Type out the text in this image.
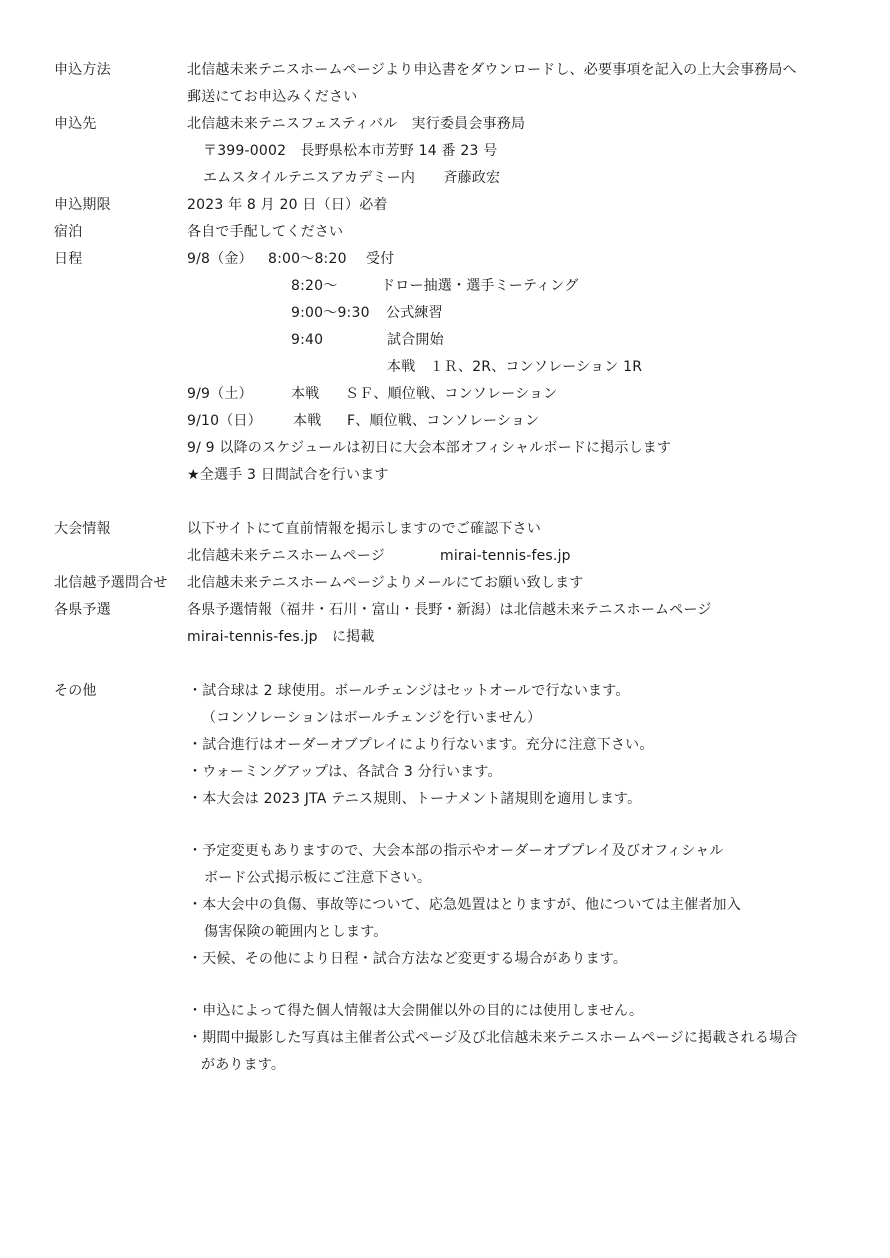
申込方法	北信越未来テニスホームページより申込書をダウンロードし、必要事項を記入の上大会事務局へ
郵送にてお申込みください
申込先	北信越未来テニスフェスティバル　実行委員会事務局
〒399-0002　長野県松本市芳野 14 番 23 号
エムスタイルテニスアカデミー内　　斉藤政宏
申込期限	2023 年 8 月 20 日（日）必着
宿泊	各自で手配してください
日程	9/8（金） 8:00～8:20 受付
8:20～	ドロー抽選・選手ミーティング
9:00～9:30 公式練習
9:40	試合開始
本戦　１Ｒ、2R、コンソレーション 1R
9/9（土）	本戦 ＳＦ、順位戦、コンソレーション
9/10（日） 本戦 F、順位戦、コンソレーション
9/ 9 以降のスケジュールは初日に大会本部オフィシャルボードに掲示します
★全選手 3 日間試合を行います
大会情報	以下サイトにて直前情報を掲示しますのでご確認下さい
北信越未来テニスホームページ	mirai-tennis-fes.jp
北信越予選問合せ 北信越未来テニスホームページよりメールにてお願い致します
各県予選	各県予選情報（福井・石川・富山・長野・新潟）は北信越未来テニスホームページ
mirai-tennis-fes.jp　に掲載
その他	・試合球は 2 球使用。ボールチェンジはセットオールで行ないます。
（コンソレーションはボールチェンジを行いません）
・試合進行はオーダーオブプレイにより行ないます。充分に注意下さい。
・ウォーミングアップは、各試合 3 分行います。
・本大会は 2023 JTA テニス規則、トーナメント諸規則を適用します。
・予定変更もありますので、大会本部の指示やオーダーオブプレイ及びオフィシャル
ボード公式掲示板にご注意下さい。
・本大会中の負傷、事故等について、応急処置はとりますが、他については主催者加入
傷害保険の範囲内とします。
・天候、その他により日程・試合方法など変更する場合があります。
・申込によって得た個人情報は大会開催以外の目的には使用しません。
・期間中撮影した写真は主催者公式ページ及び北信越未来テニスホームページに掲載される場合
があります。
